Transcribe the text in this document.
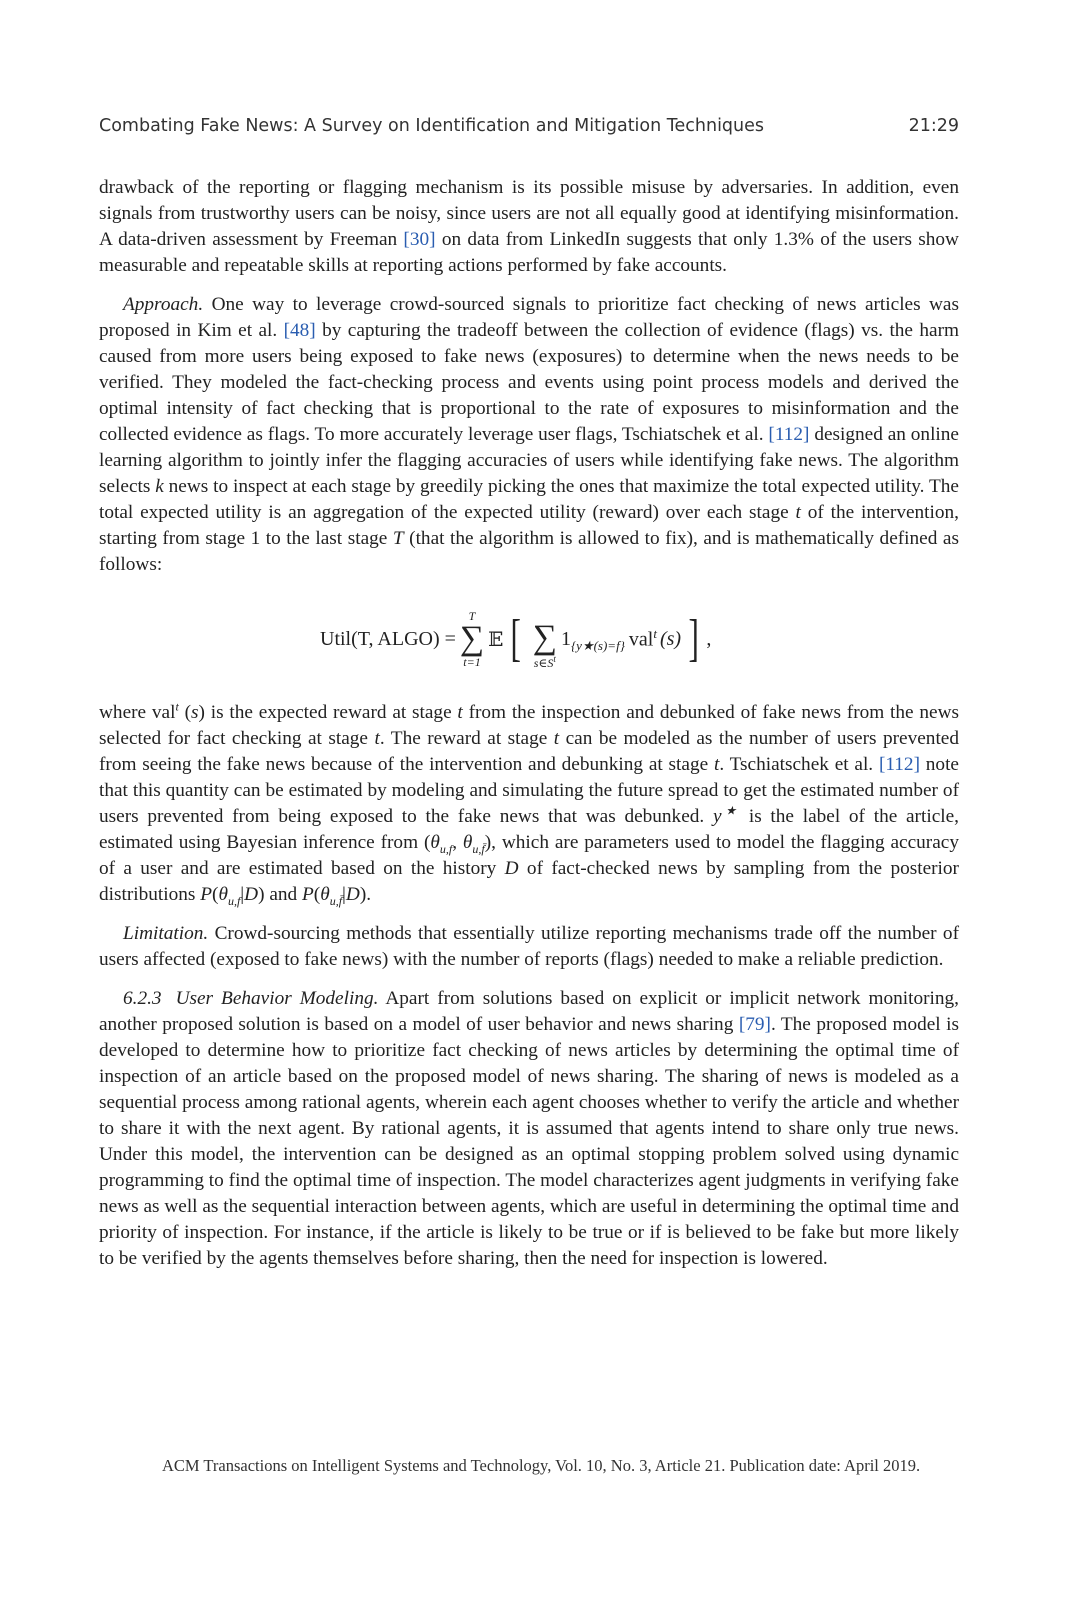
Combating Fake News: A Survey on Identification and Mitigation Techniques	21:29
drawback of the reporting or flagging mechanism is its possible misuse by adversaries. In addition, even signals from trustworthy users can be noisy, since users are not all equally good at identifying misinformation. A data-driven assessment by Freeman [30] on data from LinkedIn suggests that only 1.3% of the users show measurable and repeatable skills at reporting actions performed by fake accounts.
Approach. One way to leverage crowd-sourced signals to prioritize fact checking of news articles was proposed in Kim et al. [48] by capturing the tradeoff between the collection of evidence (flags) vs. the harm caused from more users being exposed to fake news (exposures) to determine when the news needs to be verified. They modeled the fact-checking process and events using point process models and derived the optimal intensity of fact checking that is proportional to the rate of exposures to misinformation and the collected evidence as flags. To more accurately leverage user flags, Tschiatschek et al. [112] designed an online learning algorithm to jointly infer the flagging accuracies of users while identifying fake news. The algorithm selects k news to inspect at each stage by greedily picking the ones that maximize the total expected utility. The total expected utility is an aggregation of the expected utility (reward) over each stage t of the intervention, starting from stage 1 to the last stage T (that the algorithm is allowed to fix), and is mathematically defined as follows:
Util(T, ALGO) =
T
∑
t=1
𝔼 [
∑
$s\in S^t$
$1_{\{y★(s)=f\}}$ val$^t$ (s) ] ,
where val$^t$ (s) is the expected reward at stage t from the inspection and debunked of fake news from the news selected for fact checking at stage t. The reward at stage t can be modeled as the number of users prevented from seeing the fake news because of the intervention and debunking at stage t. Tschiatschek et al. [112] note that this quantity can be estimated by modeling and simulating the future spread to get the estimated number of users prevented from being exposed to the fake news that was debunked. y★ is the label of the article, estimated using Bayesian inference from ($\theta_{u,f}$, $\theta_{u,f̄}$), which are parameters used to model the flagging accuracy of a user and are estimated based on the history D of fact-checked news by sampling from the posterior distributions $P(\theta_{u,f}|D)$ and $P(\theta_{u,f̄}|D)$.
Limitation. Crowd-sourcing methods that essentially utilize reporting mechanisms trade off the number of users affected (exposed to fake news) with the number of reports (flags) needed to make a reliable prediction.
6.2.3 User Behavior Modeling. Apart from solutions based on explicit or implicit network monitoring, another proposed solution is based on a model of user behavior and news sharing [79]. The proposed model is developed to determine how to prioritize fact checking of news articles by determining the optimal time of inspection of an article based on the proposed model of news sharing. The sharing of news is modeled as a sequential process among rational agents, wherein each agent chooses whether to verify the article and whether to share it with the next agent. By rational agents, it is assumed that agents intend to share only true news. Under this model, the intervention can be designed as an optimal stopping problem solved using dynamic programming to find the optimal time of inspection. The model characterizes agent judgments in verifying fake news as well as the sequential interaction between agents, which are useful in determining the optimal time and priority of inspection. For instance, if the article is likely to be true or if is believed to be fake but more likely to be verified by the agents themselves before sharing, then the need for inspection is lowered.
ACM Transactions on Intelligent Systems and Technology, Vol. 10, No. 3, Article 21. Publication date: April 2019.
